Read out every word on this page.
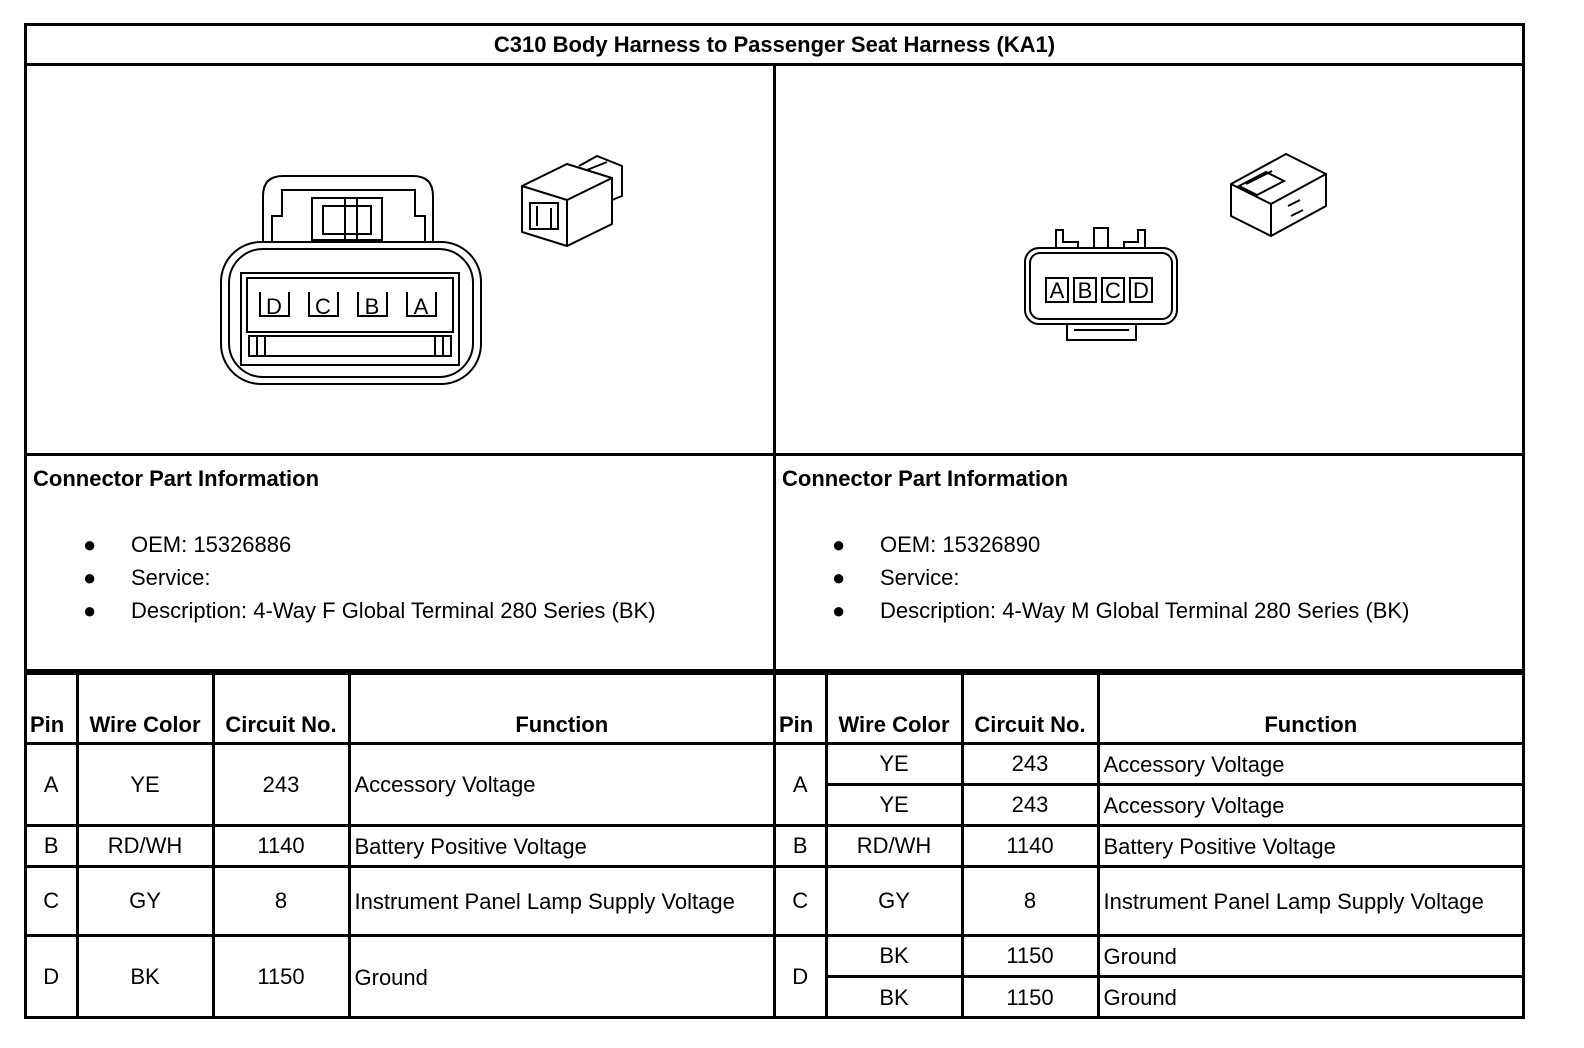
C310 Body Harness to Passenger Seat Harness (KA1)
D C B A
Connector Part Information
● OEM: 15326886
● Service:
● Description: 4-Way F Global Terminal 280 Series (BK)
Pin	Wire Color	Circuit No.	Function
A	YE	243	Accessory Voltage
B	RD/WH	1140	Battery Positive Voltage
C	GY	8	Instrument Panel Lamp Supply Voltage
D	BK	1150	Ground
A B C D
Connector Part Information
● OEM: 15326890
● Service:
● Description: 4-Way M Global Terminal 280 Series (BK)
Pin	Wire Color	Circuit No.	Function
A	YE	243	Accessory Voltage
	YE	243	Accessory Voltage
B	RD/WH	1140	Battery Positive Voltage
C	GY	8	Instrument Panel Lamp Supply Voltage
D	BK	1150	Ground
	BK	1150	Ground
